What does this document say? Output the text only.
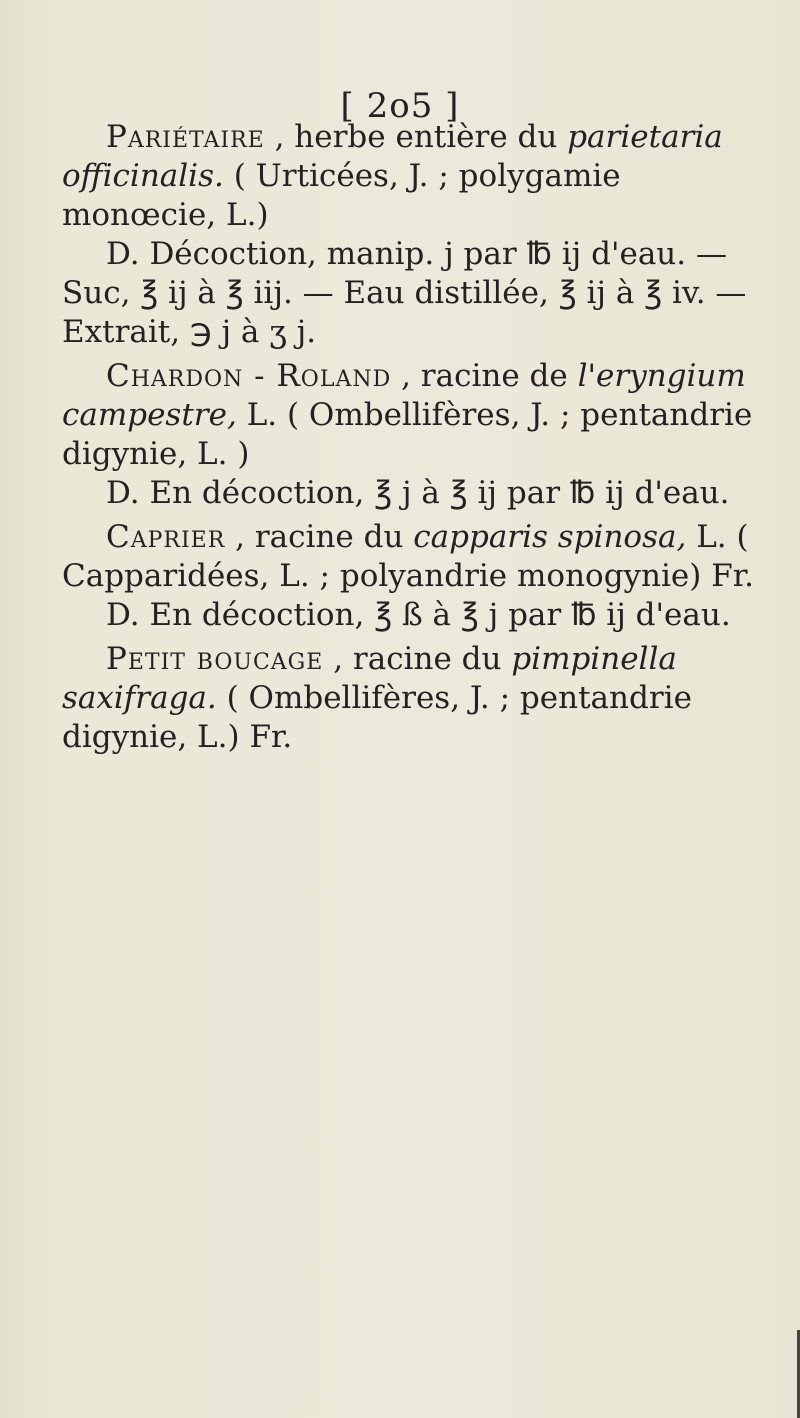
[ 2o5 ]

Pariétaire , herbe entière du parietaria officinalis. ( Urticées, J. ; polygamie monœcie, L.)

D. Décoction, manip. j par ℔ ij d'eau. — Suc, ℥ ij à ℥ iij. — Eau distillée, ℥ ij à ℥ iv. — Extrait, ℈ j à ʒ j.

Chardon - Roland , racine de l'eryngium campestre, L. ( Ombellifères, J. ; pentandrie digynie, L. )

D. En décoction, ℥ j à ℥ ij par ℔ ij d'eau.

Caprier , racine du capparis spinosa, L. ( Capparidées, L. ; polyandrie monogynie) Fr.

D. En décoction, ℥ ß à ℥ j par ℔ ij d'eau.

Petit boucage , racine du pimpinella saxifraga. ( Ombellifères, J. ; pentandrie digynie, L.) Fr.
